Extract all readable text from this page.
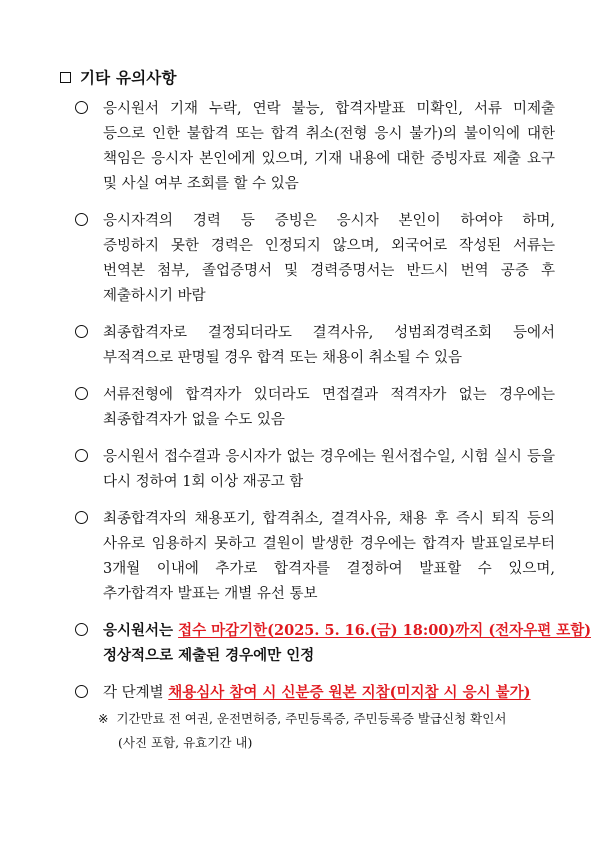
기타 유의사항
응시원서 기재 누락, 연락 불능, 합격자발표 미확인, 서류 미제출
등으로 인한 불합격 또는 합격 취소(전형 응시 불가)의 불이익에 대한
책임은 응시자 본인에게 있으며, 기재 내용에 대한 증빙자료 제출 요구
및 사실 여부 조회를 할 수 있음
응시자격의 경력 등 증빙은 응시자 본인이 하여야 하며,
증빙하지 못한 경력은 인정되지 않으며, 외국어로 작성된 서류는
번역본 첨부, 졸업증명서 및 경력증명서는 반드시 번역 공증 후
제출하시기 바람
최종합격자로 결정되더라도 결격사유, 성범죄경력조회 등에서
부적격으로 판명될 경우 합격 또는 채용이 취소될 수 있음
서류전형에 합격자가 있더라도 면접결과 적격자가 없는 경우에는
최종합격자가 없을 수도 있음
응시원서 접수결과 응시자가 없는 경우에는 원서접수일, 시험 실시 등을
다시 정하여 1회 이상 재공고 함
최종합격자의 채용포기, 합격취소, 결격사유, 채용 후 즉시 퇴직 등의
사유로 임용하지 못하고 결원이 발생한 경우에는 합격자 발표일로부터
3개월 이내에 추가로 합격자를 결정하여 발표할 수 있으며,
추가합격자 발표는 개별 유선 통보
응시원서는 접수 마감기한(2025. 5. 16.(금) 18:00)까지 (전자우편 포함)
정상적으로 제출된 경우에만 인정
각 단계별 채용심사 참여 시 신분증 원본 지참(미지참 시 응시 불가)
※ 기간만료 전 여권, 운전면허증, 주민등록증, 주민등록증 발급신청 확인서
(사진 포함, 유효기간 내)
